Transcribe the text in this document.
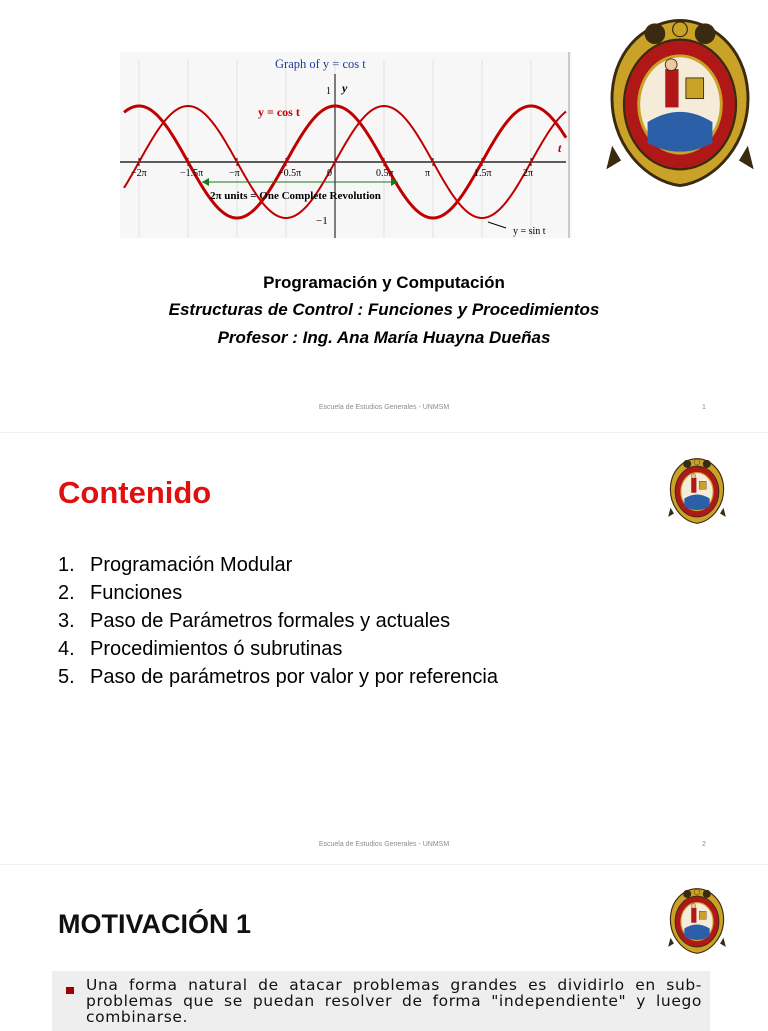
−2π	−1.5π	−π	−0.5π	0	0.5π	π	1.5π	2π
Graph of y = cos t
y = cos t
y
1
−1
t
2π units = One Complete Revolution
y = sin t
Programación y Computación
Estructuras de Control : Funciones y Procedimientos
Profesor : Ing. Ana María Huayna Dueñas
Escuela de Estudios Generales - UNMSM	1
Contenido
1. Programación Modular
2. Funciones
3. Paso de Parámetros formales y actuales
4. Procedimientos ó subrutinas
5. Paso de parámetros por valor y por referencia
Escuela de Estudios Generales - UNMSM	2
MOTIVACIÓN 1
Una forma natural de atacar problemas grandes es dividirlo en sub-problemas que se puedan resolver de forma "independiente" y luego combinarse.
